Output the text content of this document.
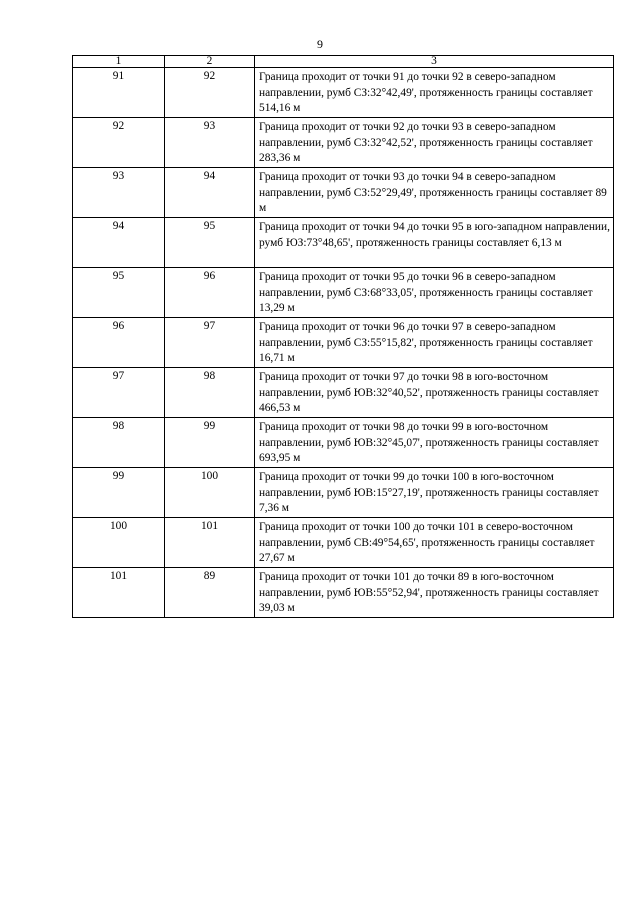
9
1	2	3
91	92	Граница проходит от точки 91 до точки 92 в северо-западном направлении, румб СЗ:32°42,49', протяженность границы составляет 514,16 м
92	93	Граница проходит от точки 92 до точки 93 в северо-западном направлении, румб СЗ:32°42,52', протяженность границы составляет 283,36 м
93	94	Граница проходит от точки 93 до точки 94 в северо-западном направлении, румб СЗ:52°29,49', протяженность границы составляет 89 м
94	95	Граница проходит от точки 94 до точки 95 в юго-западном направлении, румб ЮЗ:73°48,65', протяженность границы составляет 6,13 м
95	96	Граница проходит от точки 95 до точки 96 в северо-западном направлении, румб СЗ:68°33,05', протяженность границы составляет 13,29 м
96	97	Граница проходит от точки 96 до точки 97 в северо-западном направлении, румб СЗ:55°15,82', протяженность границы составляет 16,71 м
97	98	Граница проходит от точки 97 до точки 98 в юго-восточном направлении, румб ЮВ:32°40,52', протяженность границы составляет 466,53 м
98	99	Граница проходит от точки 98 до точки 99 в юго-восточном направлении, румб ЮВ:32°45,07', протяженность границы составляет 693,95 м
99	100	Граница проходит от точки 99 до точки 100 в юго-восточном направлении, румб ЮВ:15°27,19', протяженность границы составляет 7,36 м
100	101	Граница проходит от точки 100 до точки 101 в северо-восточном направлении, румб СВ:49°54,65', протяженность границы составляет 27,67 м
101	89	Граница проходит от точки 101 до точки 89 в юго-восточном направлении, румб ЮВ:55°52,94', протяженность границы составляет 39,03 м
